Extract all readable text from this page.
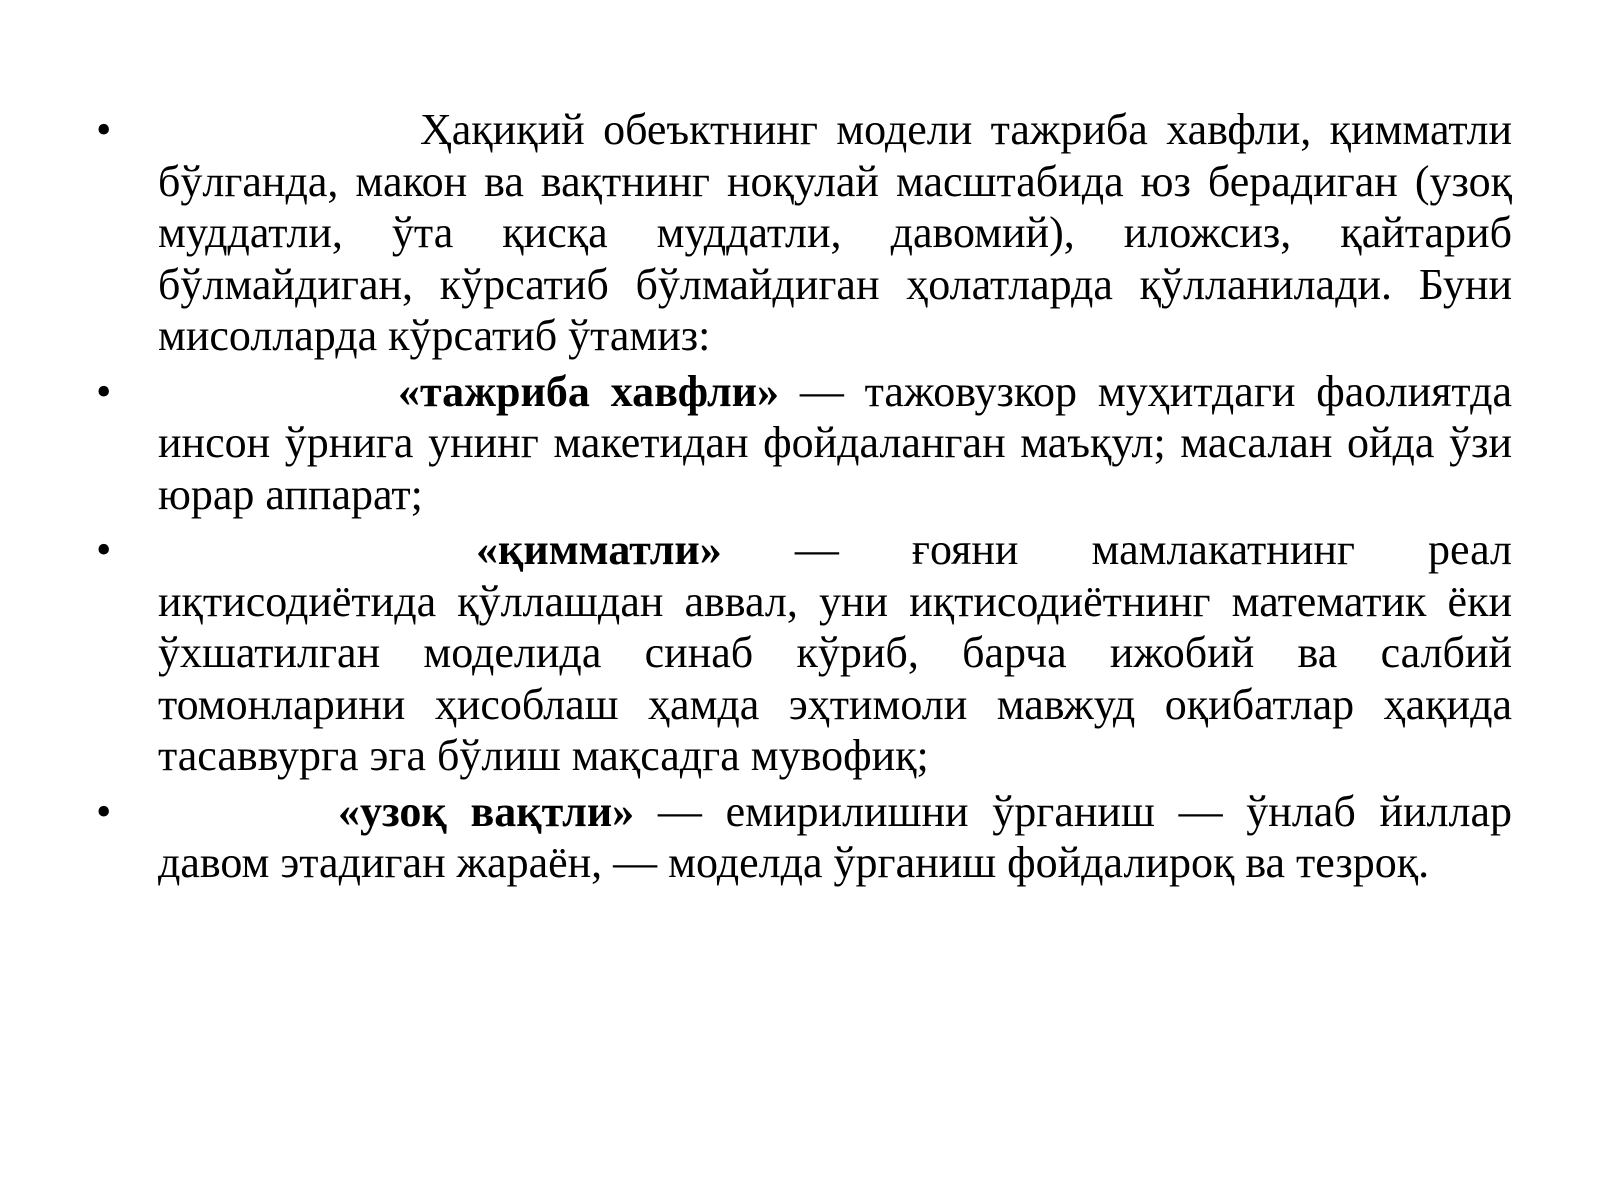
•	Ҳақиқий обеъктнинг модели тажриба хавфли, қимматли бўлганда, макон ва вақтнинг ноқулай масштабида юз берадиган (узоқ муддатли, ўта қисқа муддатли, давомий), иложсиз, қайтариб бўлмайдиган, кўрсатиб бўлмайдиган ҳолатларда қўлланилади. Буни мисолларда кўрсатиб ўтамиз:
•	«тажриба хавфли» — тажовузкор муҳитдаги фаолиятда инсон ўрнига унинг макетидан фойдаланган маъқул; масалан ойда ўзи юрар аппарат;
•	«қимматли» — ғояни мамлакатнинг реал иқтисодиётида қўллашдан аввал, уни иқтисодиётнинг математик ёки ўхшатилган моделида синаб кўриб, барча ижобий ва салбий томонларини ҳисоблаш ҳамда эҳтимоли мавжуд оқибатлар ҳақида тасаввурга эга бўлиш мақсадга мувофиқ;
•	«узоқ вақтли» — емирилишни ўрганиш — ўнлаб йиллар давом этадиган жараён, — моделда ўрганиш фойдалироқ ва тезроқ.
